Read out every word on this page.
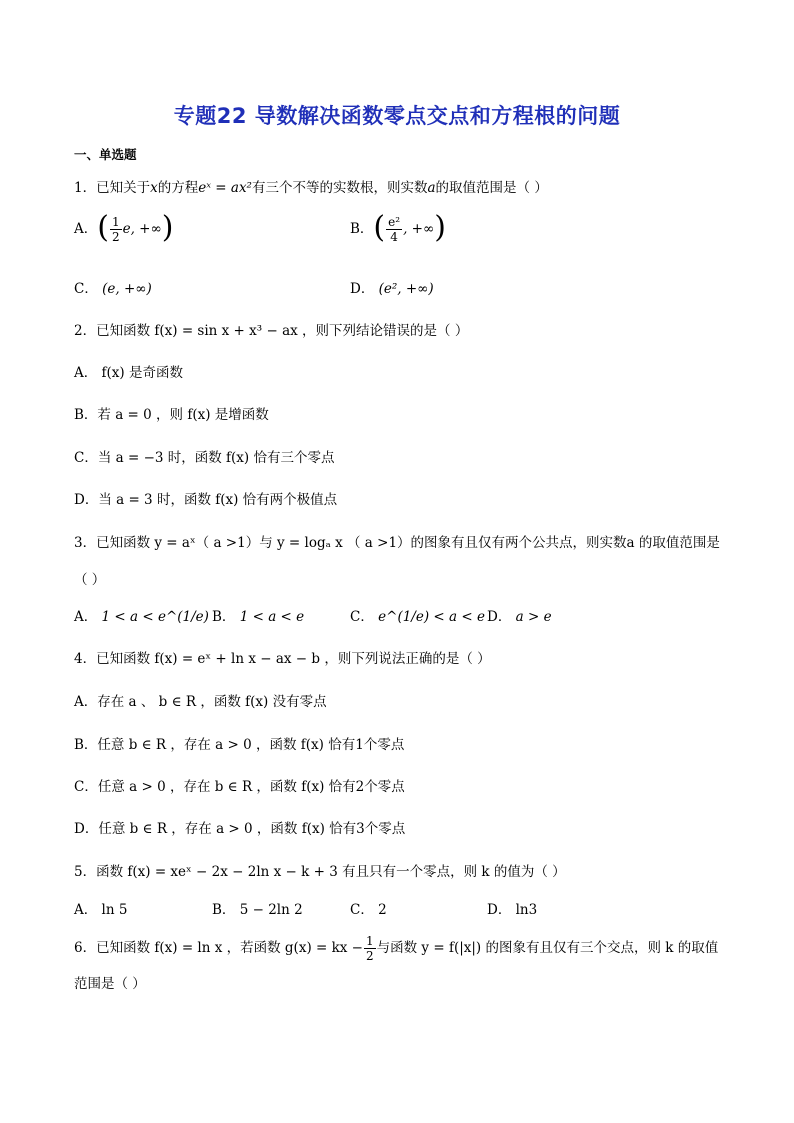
专题22 导数解决函数零点交点和方程根的问题
一、单选题
1．已知关于x的方程eˣ = ax²有三个不等的实数根，则实数a的取值范围是（ ）
A．( $\frac{1}{2} e$, +∞)	B．( $\frac{\text{e²}}{4}$ , +∞)
C． (e, +∞)	D． (e², +∞)
2．已知函数 f(x) = sin x + x³ − ax ，则下列结论错误的是（ ）
A． f(x) 是奇函数
B．若 a = 0 ，则 f(x) 是增函数
C．当 a = −3 时，函数 f(x) 恰有三个零点
D．当 a = 3 时，函数 f(x) 恰有两个极值点
3．已知函数 y = aˣ（ a >1）与 y = logₐ x （ a >1）的图象有且仅有两个公共点，则实数a 的取值范围是
（ ）
A． 1 < a < e^(1/e) B． 1 < a < e	C． e^(1/e) < a < e D． a > e
4．已知函数 f(x) = eˣ + ln x − ax − b ，则下列说法正确的是（ ）
A．存在 a 、 b ∈ R ，函数 f(x) 没有零点
B．任意 b ∈ R ，存在 a > 0 ，函数 f(x) 恰有1个零点
C．任意 a > 0 ，存在 b ∈ R ，函数 f(x) 恰有2个零点
D．任意 b ∈ R ，存在 a > 0 ，函数 f(x) 恰有3个零点
5．函数 f(x) = xeˣ − 2x − 2ln x − k + 3 有且只有一个零点，则 k 的值为（ ）
A． ln 5	B． 5 − 2ln 2	C． 2	D． ln3
6．已知函数 f(x) = ln x ，若函数 g(x) = kx − $\frac{1}{2}$ 与函数 y = f(|x|) 的图象有且仅有三个交点，则 k 的取值
范围是（ ）
